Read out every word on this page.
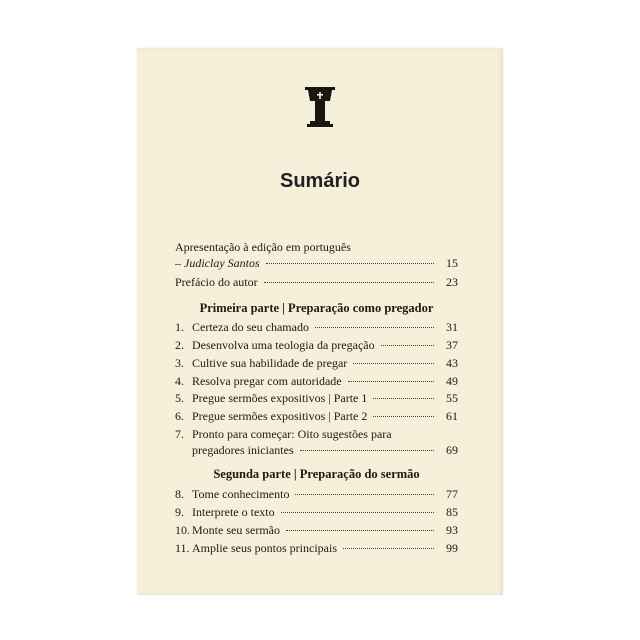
Sumário
Apresentação à edição em português
– Judiclay Santos	15
Prefácio do autor	23
Primeira parte | Preparação como pregador
1. Certeza do seu chamado	31
2. Desenvolva uma teologia da pregação	37
3. Cultive sua habilidade de pregar	43
4. Resolva pregar com autoridade	49
5. Pregue sermões expositivos | Parte 1	55
6. Pregue sermões expositivos | Parte 2	61
7. Pronto para começar: Oito sugestões para
pregadores iniciantes	69
Segunda parte | Preparação do sermão
8. Tome conhecimento	77
9. Interprete o texto	85
10. Monte seu sermão	93
11. Amplie seus pontos principais	99
